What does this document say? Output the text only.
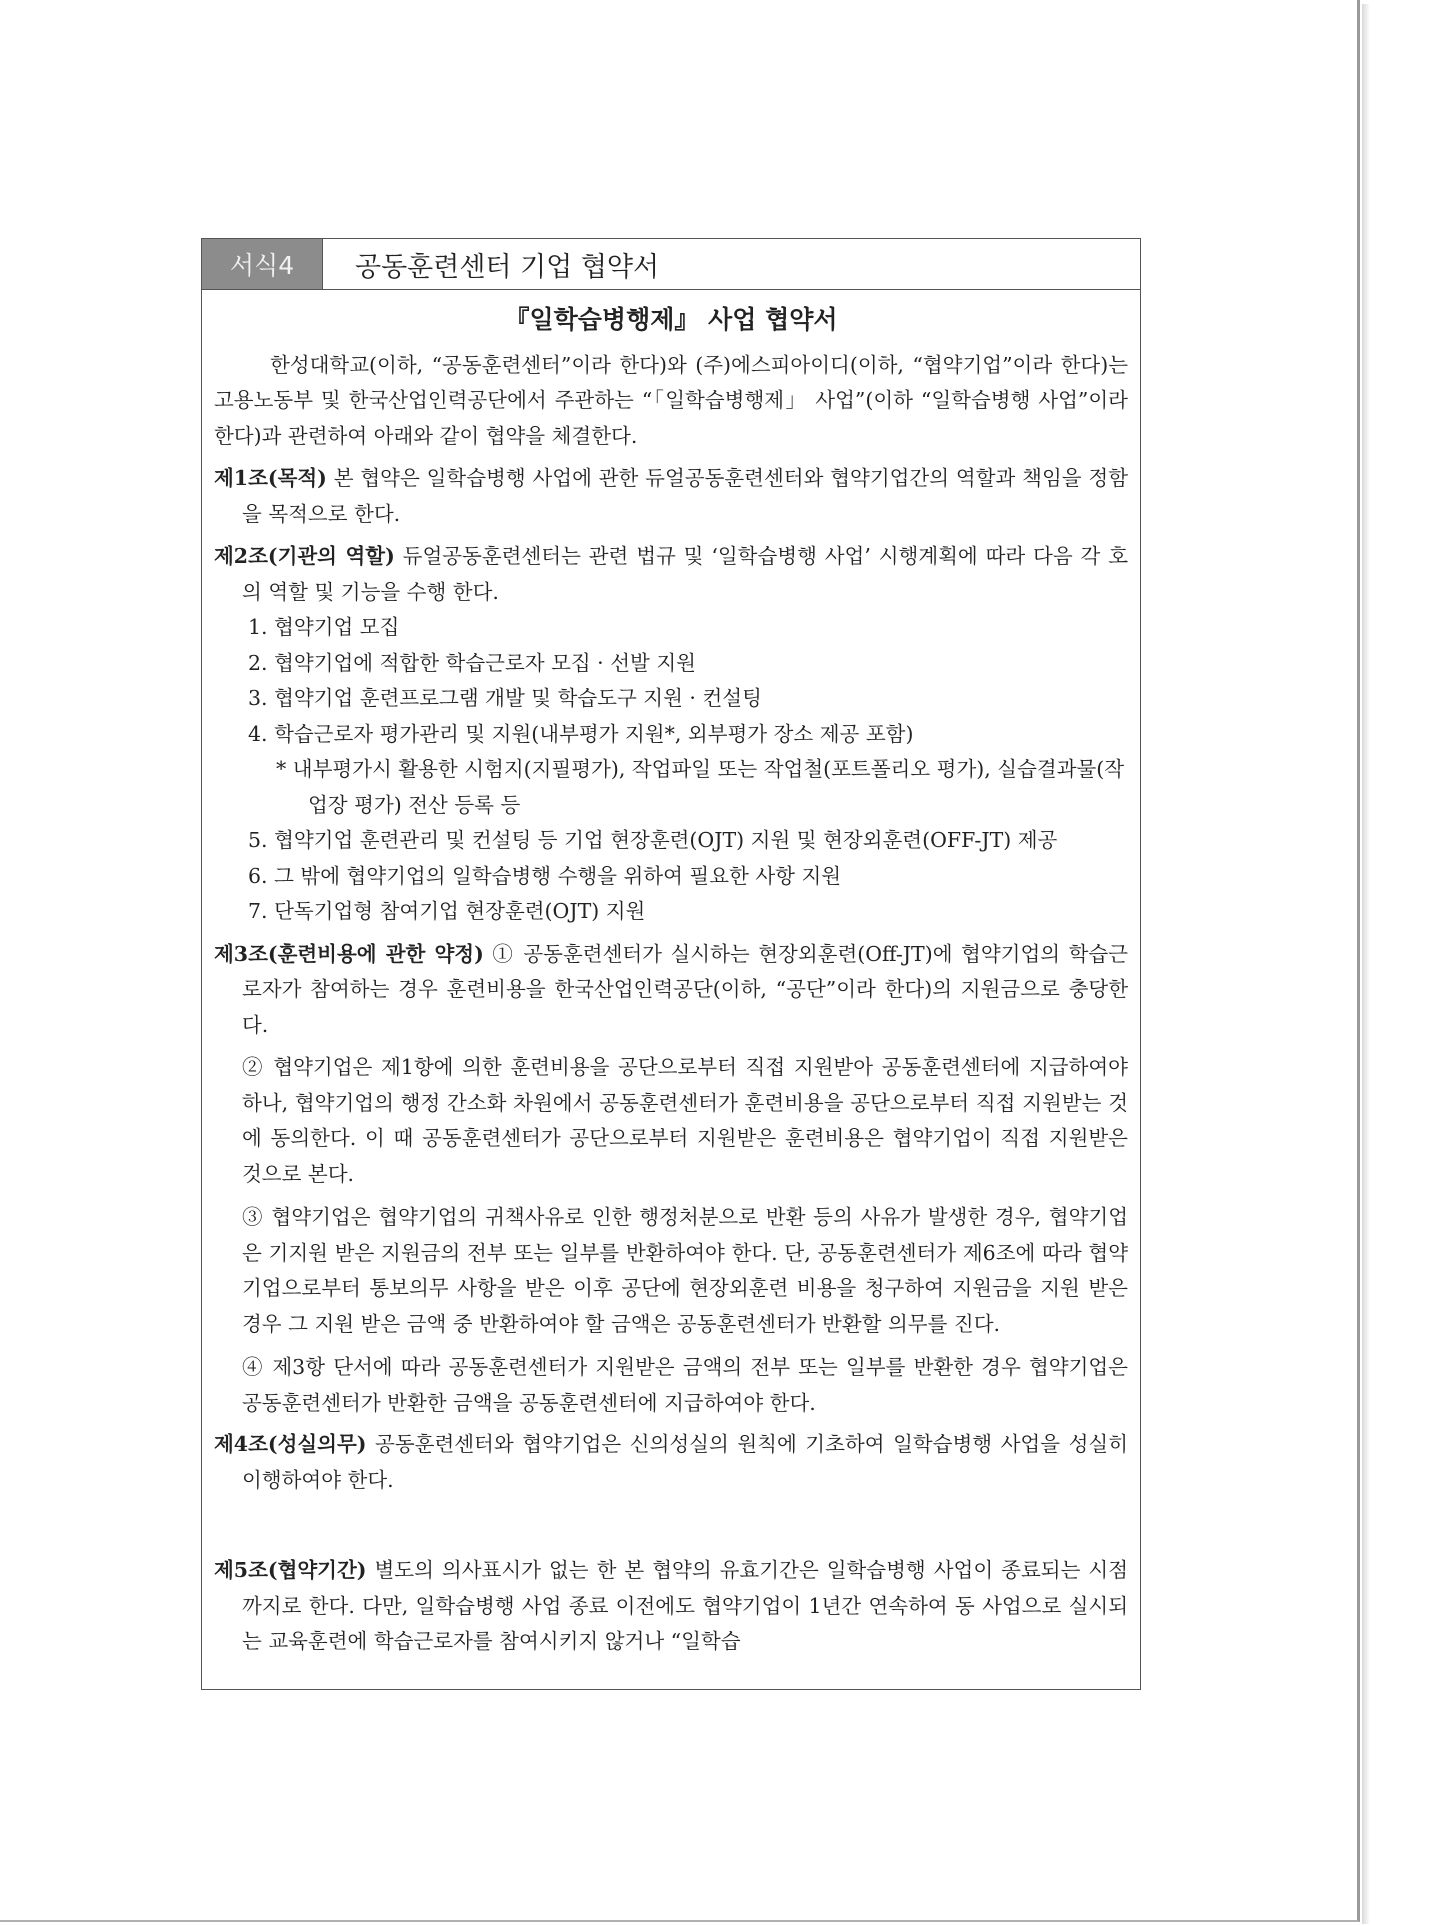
서식4	공동훈련센터 기업 협약서
『일학습병행제』 사업 협약서

한성대학교(이하, “공동훈련센터”이라 한다)와 (주)에스피아이디(이하, “협약기업”이라 한다)는 고용노동부 및 한국산업인력공단에서 주관하는 “「일학습병행제」 사업”(이하 “일학습병행 사업”이라 한다)과 관련하여 아래와 같이 협약을 체결한다.

제1조(목적) 본 협약은 일학습병행 사업에 관한 듀얼공동훈련센터와 협약기업간의 역할과 책임을 정함을 목적으로 한다.

제2조(기관의 역할) 듀얼공동훈련센터는 관련 법규 및 ‘일학습병행 사업’ 시행계획에 따라 다음 각 호의 역할 및 기능을 수행 한다.

1. 협약기업 모집

2. 협약기업에 적합한 학습근로자 모집 · 선발 지원

3. 협약기업 훈련프로그램 개발 및 학습도구 지원 · 컨설팅

4. 학습근로자 평가관리 및 지원(내부평가 지원*, 외부평가 장소 제공 포함)

* 내부평가시 활용한 시험지(지필평가), 작업파일 또는 작업철(포트폴리오 평가), 실습결과물(작업장 평가) 전산 등록 등

5. 협약기업 훈련관리 및 컨설팅 등 기업 현장훈련(OJT) 지원 및 현장외훈련(OFF-JT) 제공

6. 그 밖에 협약기업의 일학습병행 수행을 위하여 필요한 사항 지원

7. 단독기업형 참여기업 현장훈련(OJT) 지원

제3조(훈련비용에 관한 약정) ① 공동훈련센터가 실시하는 현장외훈련(Off-JT)에 협약기업의 학습근로자가 참여하는 경우 훈련비용을 한국산업인력공단(이하, “공단”이라 한다)의 지원금으로 충당한다.

② 협약기업은 제1항에 의한 훈련비용을 공단으로부터 직접 지원받아 공동훈련센터에 지급하여야 하나, 협약기업의 행정 간소화 차원에서 공동훈련센터가 훈련비용을 공단으로부터 직접 지원받는 것에 동의한다. 이 때 공동훈련센터가 공단으로부터 지원받은 훈련비용은 협약기업이 직접 지원받은 것으로 본다.

③ 협약기업은 협약기업의 귀책사유로 인한 행정처분으로 반환 등의 사유가 발생한 경우, 협약기업은 기지원 받은 지원금의 전부 또는 일부를 반환하여야 한다. 단, 공동훈련센터가 제6조에 따라 협약기업으로부터 통보의무 사항을 받은 이후 공단에 현장외훈련 비용을 청구하여 지원금을 지원 받은 경우 그 지원 받은 금액 중 반환하여야 할 금액은 공동훈련센터가 반환할 의무를 진다.

④ 제3항 단서에 따라 공동훈련센터가 지원받은 금액의 전부 또는 일부를 반환한 경우 협약기업은 공동훈련센터가 반환한 금액을 공동훈련센터에 지급하여야 한다.

제4조(성실의무) 공동훈련센터와 협약기업은 신의성실의 원칙에 기초하여 일학습병행 사업을 성실히 이행하여야 한다.

제5조(협약기간) 별도의 의사표시가 없는 한 본 협약의 유효기간은 일학습병행 사업이 종료되는 시점까지로 한다. 다만, 일학습병행 사업 종료 이전에도 협약기업이 1년간 연속하여 동 사업으로 실시되는 교육훈련에 학습근로자를 참여시키지 않거나 “일학습
